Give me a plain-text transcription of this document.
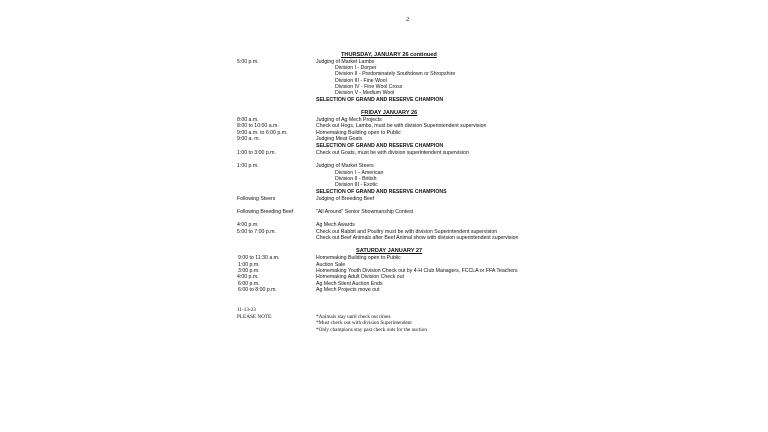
2
THURSDAY, JANUARY 26 continued
5:00 p.m.	Judging of Market Lambs
Division I - Dorper
Division II - Predominately Southdown or Shropshire
Division III - Fine Wool
Division IV - Fine Wool Cross
Division V - Medium Wool
SELECTION OF GRAND AND RESERVE CHAMPION
FRIDAY JANUARY 26
8:00 a.m.	Judging of Ag Mech Projects
8:00 to 10:00 a.m.	Check out Hogs, Lambs, must be with division Superintendent supervision
9:00 a.m. to 6:00 p.m.	Homemaking Building open to Public
9:00 a. m.	Judging Meat Goats
SELECTION OF GRAND AND RESERVE CHAMPION
1:00 to 3:00 p.m.	Check out Goats, must be with division superintendent supervision
1:00 p.m.	Judging of Market Steers
Division I – American
Division II - British
Division III - Exotic
SELECTION OF GRAND AND RESERVE CHAMPIONS
Following Steers	Judging of Breeding Beef
Following Breeding Beef	"All Around" Senior Showmanship Contest
4:00 p.m.	Ag Mech Awards
5:00 to 7:00 p.m.	Check out Rabbit and Poultry must be with division Superintendent supervision
Check out Beef Animals after Beef Animal show with division superintendent supervision
SATURDAY JANUARY 27
9:00 to 11:30 a.m.	Homemaking Building open to Public
1:00 p.m.	Auction Sale
3:00 p.m.	Homemaking Youth Division Check out by 4-H Club Managers, FCCLA or FFA Teachers
4:00 p.m.	Homemaking Adult Division Check out
6:00 p.m.	Ag Mech Silent Auction Ends
6:00 to 8:00 p.m.	Ag Mech Projects move out
11-13-23
PLEASE NOTE:	*Animals stay until check out times
*Must check out with division Superintendent
*Only champions stay past check outs for the auction
